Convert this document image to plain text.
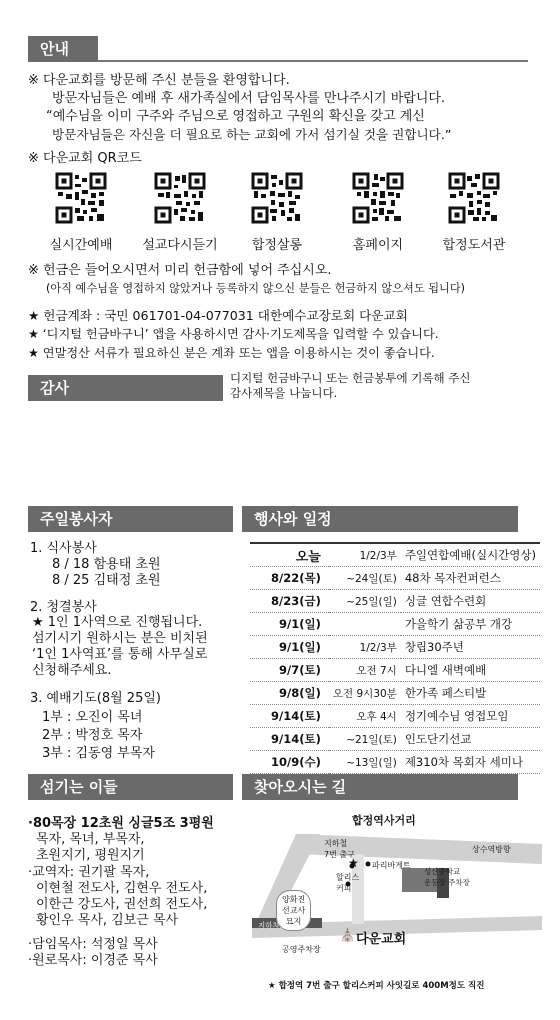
안내
※ 다운교회를 방문해 주신 분들을 환영합니다.
방문자님들은 예배 후 새가족실에서 담임목사를 만나주시기 바랍니다.
“예수님을 이미 구주와 주님으로 영접하고 구원의 확신을 갖고 계신
방문자님들은 자신을 더 필요로 하는 교회에 가서 섬기실 것을 권합니다.”
※ 다운교회 QR코드
실시간예배	설교다시듣기	합정살롱	홈페이지	합정도서관
※ 헌금은 들어오시면서 미리 헌금함에 넣어 주십시오.
(아직 예수님을 영접하지 않았거나 등록하지 않으신 분들은 헌금하지 않으셔도 됩니다)
★ 헌금계좌 : 국민 061701-04-077031 대한예수교장로회 다운교회
★ ‘디지털 헌금바구니’ 앱을 사용하시면 감사·기도제목을 입력할 수 있습니다.
★ 연말정산 서류가 필요하신 분은 계좌 또는 앱을 이용하시는 것이 좋습니다.
감사
디지털 헌금바구니 또는 헌금봉투에 기록해 주신
감사제목을 나눕니다.
주일봉사자
1. 식사봉사
8 / 18 함용태 초원
8 / 25 김태정 초원
2. 청결봉사
★ 1인 1사역으로 진행됩니다.
섬기시기 원하시는 분은 비치된
‘1인 1사역표’를 통해 사무실로
신청해주세요.
3. 예배기도(8월 25일)
1부 : 오진이 목녀
2부 : 박정호 목자
3부 : 김동영 부목자
행사와 일정
오늘	1/2/3부	주일연합예배(실시간영상)
8/22(목)	~24일(토)	48차 목자컨퍼런스
8/23(금)	~25일(일)	싱글 연합수련회
9/1(일)		가을학기 삶공부 개강
9/1(일)	1/2/3부	창립30주년
9/7(토)	오전 7시	다니엘 새벽예배
9/8(일)	오전 9시30분	한가족 페스티발
9/14(토)	오후 4시	정기예수님 영접모임
9/14(토)	~21일(토)	인도단기선교
10/9(수)	~13일(일)	제310차 목회자 세미나
섬기는 이들
·80목장 12초원 싱글5조 3평원
목자, 목녀, 부목자,
초원지기, 평원지기
·교역자: 권기팔 목자,
이현철 전도사, 김현우 전도사,
이한근 강도사, 권선희 전도사,
황인우 목사, 김보근 목사
·담임목사: 석정일 목사
·원로목사: 이경준 목사
찾아오시는 길
합정역사거리
지하철
7번 출구
★ 파리바게트
상수역방향
성산중학교
운동장 주차장
할리스
커피
양화진
선교사
묘지
지하차도
공영주차장
⛪ 다운교회
★ 합정역 7번 출구 할리스커피 사잇길로 400M정도 직진
